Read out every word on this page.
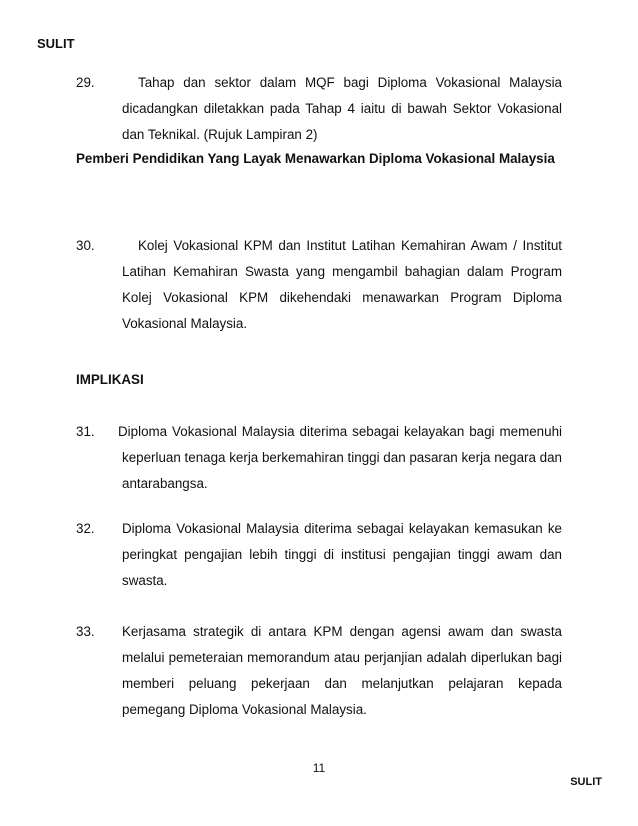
SULIT
29.	Tahap dan sektor dalam MQF bagi Diploma Vokasional Malaysia dicadangkan diletakkan pada Tahap 4 iaitu di bawah Sektor Vokasional dan Teknikal. (Rujuk Lampiran 2)
Pemberi Pendidikan Yang Layak Menawarkan Diploma Vokasional Malaysia
30.	Kolej Vokasional KPM dan Institut Latihan Kemahiran Awam / Institut Latihan Kemahiran Swasta yang mengambil bahagian dalam Program Kolej Vokasional KPM dikehendaki menawarkan Program Diploma Vokasional Malaysia.
IMPLIKASI
31.	Diploma Vokasional Malaysia diterima sebagai kelayakan bagi memenuhi keperluan tenaga kerja berkemahiran tinggi dan pasaran kerja negara dan antarabangsa.
32.	Diploma Vokasional Malaysia diterima sebagai kelayakan kemasukan ke peringkat pengajian lebih tinggi di institusi pengajian tinggi awam dan swasta.
33.	Kerjasama strategik di antara KPM dengan agensi awam dan swasta melalui pemeteraian memorandum atau perjanjian adalah diperlukan bagi memberi peluang pekerjaan dan melanjutkan pelajaran kepada pemegang Diploma Vokasional Malaysia.
11
SULIT
